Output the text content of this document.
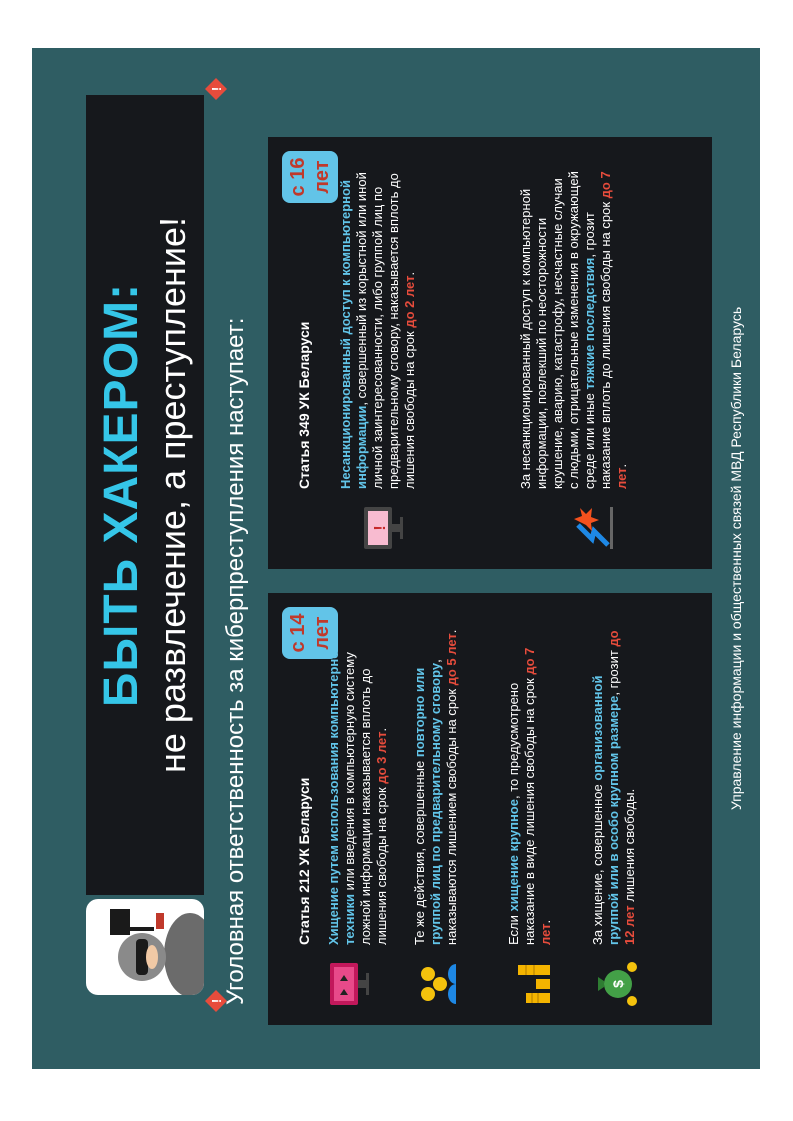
!
!
БЫТЬ ХАКЕРОМ: не развлечение, а преступление! Уголовная ответственность за киберпреступления наступает: с 14 лет
Статья 212 УК Беларуси Хищение путем использования компьютерной техники или введения в компьютерную систему ложной информации наказывается вплоть до лишения свободы на срок до 3 лет.
Те же действия, совершенные повторно или группой лиц по предварительному сговору, наказываются лишением свободы на срок до 5 лет.
Если хищение крупное, то предусмотрено наказание в виде лишения свободы на срок до 7 лет.
$
За хищение, совершенное организованной группой или в особо крупном размере, грозит до 12 лет лишения свободы.
с 16 лет
Статья 349 УК Беларуси
!
Несанкционированный доступ к компьютерной информации, совершенный из корыстной или иной личной заинтересованности, либо группой лиц по предварительному сговору, наказывается вплоть до лишения свободы на срок до 2 лет.	За несанкционированный доступ к компьютерной информации, повлекший по неосторожности крушение, аварию, катастрофу, несчастные случаи с людьми, отрицательные изменения в окружающей среде или иные тяжкие последствия, грозит наказание вплоть до лишения свободы на срок до 7 лет.	Управление информации и общественных связей МВД Республики Беларусь
